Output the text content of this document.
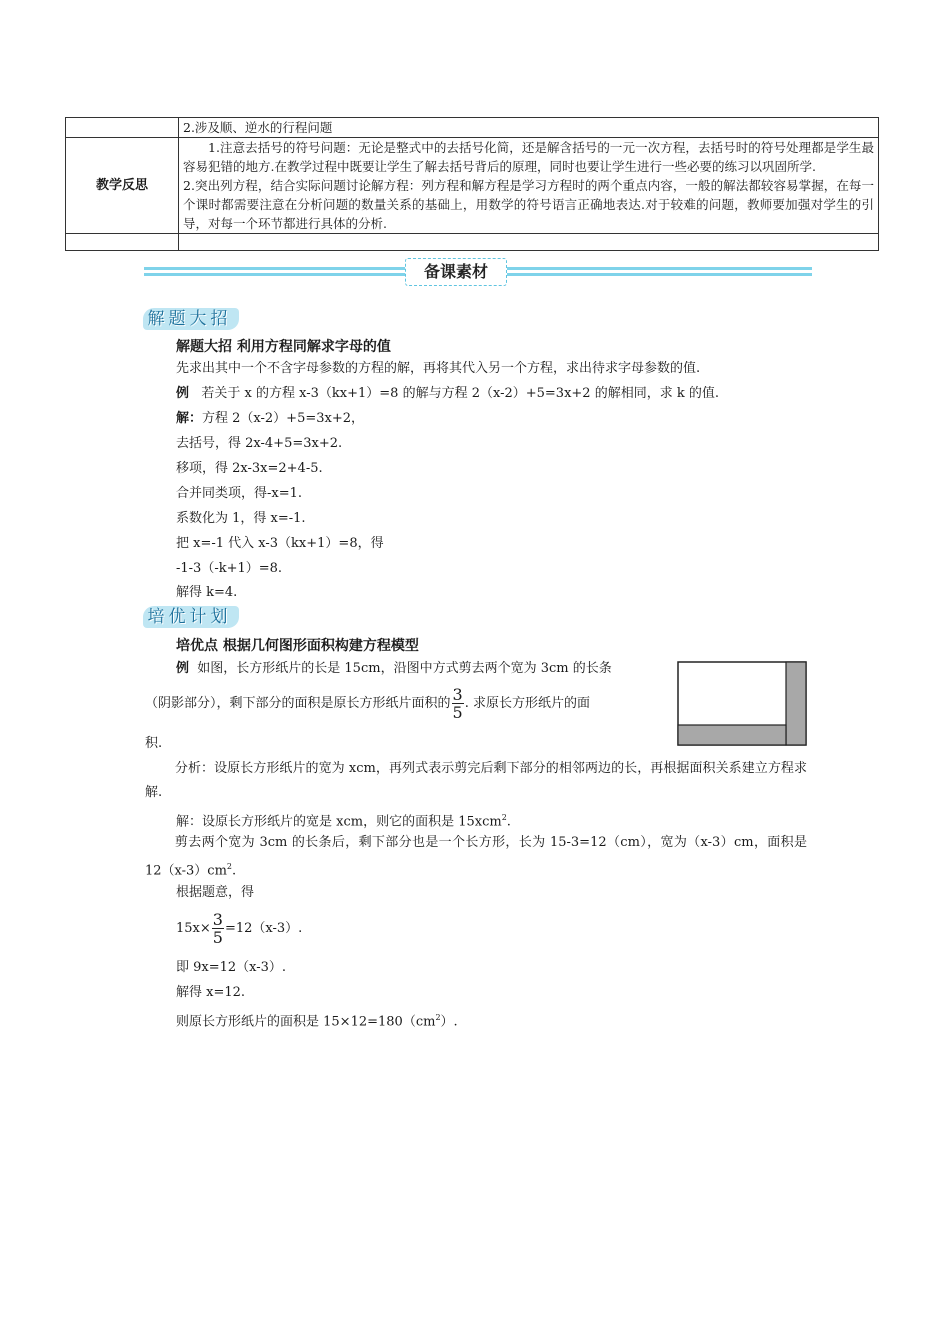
	2.涉及顺、逆水的行程问题

教学反思	1.注意去括号的符号问题：无论是整式中的去括号化简，还是解含括号的一元一次方程，去括号时的符号处理都是学生最容易犯错的地方.在教学过程中既要让学生了解去括号背后的原理，同时也要让学生进行一些必要的练习以巩固所学.

2.突出列方程，结合实际问题讨论解方程：列方程和解方程是学习方程时的两个重点内容，一般的解法都较容易掌握，在每一个课时都需要注意在分析问题的数量关系的基础上，用数学的符号语言正确地表达.对于较难的问题，教师要加强对学生的引导，对每一个环节都进行具体的分析.

备课素材
解题大招
解题大招 利用方程同解求字母的值
先求出其中一个不含字母参数的方程的解，再将其代入另一个方程，求出待求字母参数的值.
例 若关于 x 的方程 x-3（kx+1）=8 的解与方程 2（x-2）+5=3x+2 的解相同，求 k 的值.
解：方程 2（x-2）+5=3x+2，
去括号，得 2x-4+5=3x+2.
移项，得 2x-3x=2+4-5.
合并同类项，得-x=1.
系数化为 1，得 x=-1.
把 x=-1 代入 x-3（kx+1）=8，得
-1-3（-k+1）=8.
解得 k=4.
培优计划
培优点 根据几何图形面积构建方程模型
例 如图，长方形纸片的长是 15cm，沿图中方式剪去两个宽为 3cm 的长条
（阴影部分），剩下部分的面积是原长方形纸片面积的 $\frac{3}{5}$ . 求原长方形纸片的面
积.
分析：设原长方形纸片的宽为 xcm，再列式表示剪完后剩下部分的相邻两边的长，再根据面积关系建立方程求解.
解：设原长方形纸片的宽是 xcm，则它的面积是 15xcm$^2$.
剪去两个宽为 3cm 的长条后，剩下部分也是一个长方形，长为 15-3=12（cm），宽为（x-3）cm，面积是 $12(x-3)cm^2$.
根据题意，得
$15x\times \frac{3}{5} =12(x-3)$.
即 9x=12（x-3）.
解得 x=12.
则原长方形纸片的面积是 $15\times 12=180(cm^2)$.
